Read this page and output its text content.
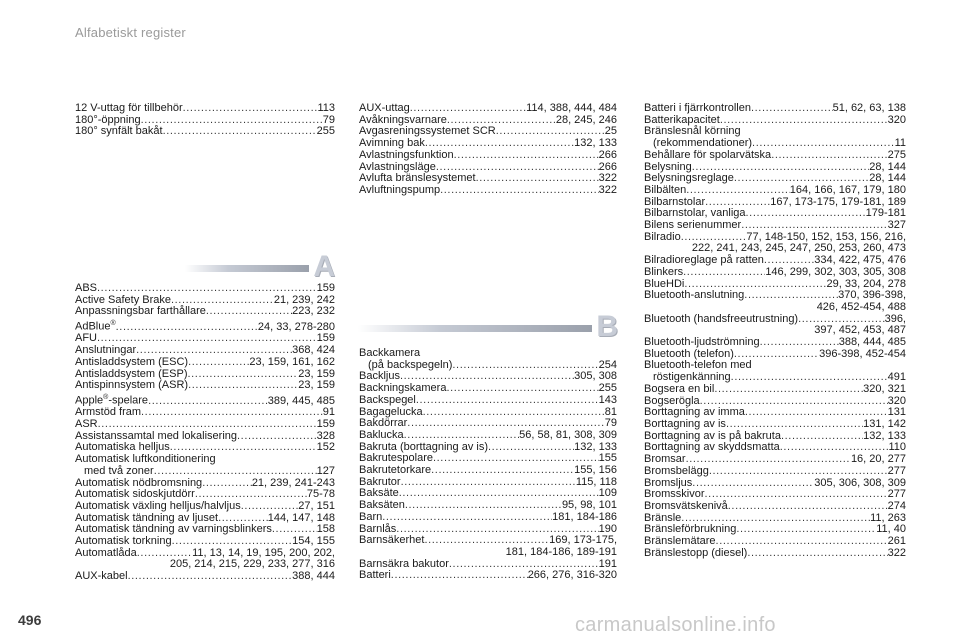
Alfabetiskt register
12 V-uttag för tillbehör .....	113
180°-öppning .....	79
180° synfält bakåt .....	255
A
ABS .....	159
Active Safety Brake .....	21, 239, 242
Anpassningsbar farthållare .....	223, 232
AdBlue® .....	24, 33, 278-280
AFU .....	159
Anslutningar .....	368, 424
Antisladdsystem (ESC) .....	23, 159, 161, 162
Antisladdsystem (ESP) .....	23, 159
Antispinnsystem (ASR) .....	23, 159
Apple®-spelare .....	389, 445, 485
Armstöd fram .....	91
ASR .....	159
Assistanssamtal med lokalisering .....	328
Automatiska helljus .....	152
Automatisk luftkonditionering
med två zoner .....	127
Automatisk nödbromsning .....	21, 239, 241-243
Automatisk sidoskjutdörr .....	75-78
Automatisk växling helljus/halvljus .....	27, 151
Automatisk tändning av ljuset .....	144, 147, 148
Automatisk tändning av varningsblinkers .....	158
Automatisk torkning .....	154, 155
Automatlåda .....	11, 13, 14, 19, 195, 200, 202,
205, 214, 215, 229, 233, 277, 316
AUX-kabel .....	388, 444
AUX-uttag .....	114, 388, 444, 484
Avåkningsvarnare .....	28, 245, 246
Avgasreningssystemet SCR .....	25
Avimning bak .....	132, 133
Avlastningsfunktion .....	266
Avlastningsläge .....	266
Avlufta bränslesystemet .....	322
Avluftningspump .....	322
B
Backkamera
(på backspegeln) .....	254
Backljus .....	305, 308
Backningskamera .....	255
Backspegel .....	143
Bagagelucka .....	81
Bakdörrar .....	79
Baklucka .....	56, 58, 81, 308, 309
Bakruta (borttagning av is) .....	132, 133
Bakrutespolare .....	155
Bakrutetorkare .....	155, 156
Bakrutor .....	115, 118
Baksäte .....	109
Baksäten .....	95, 98, 101
Barn .....	181, 184-186
Barnlås .....	190
Barnsäkerhet .....	169, 173-175,
181, 184-186, 189-191
Barnsäkra bakutor .....	191
Batteri .....	266, 276, 316-320
Batteri i fjärrkontrollen .....	51, 62, 63, 138
Batterikapacitet .....	320
Bränslesnål körning
(rekommendationer) .....	11
Behållare för spolarvätska .....	275
Belysning .....	28, 144
Belysningsreglage .....	28, 144
Bilbälten .....	164, 166, 167, 179, 180
Bilbarnstolar .....	167, 173-175, 179-181, 189
Bilbarnstolar, vanliga .....	179-181
Bilens serienummer .....	327
Bilradio .....	77, 148-150, 152, 153, 156, 216,
222, 241, 243, 245, 247, 250, 253, 260, 473
Bilradioreglage på ratten .....	334, 422, 475, 476
Blinkers .....	146, 299, 302, 303, 305, 308
BlueHDi .....	29, 33, 204, 278
Bluetooth-anslutning .....	370, 396-398,
426, 452-454, 488
Bluetooth (handsfreeutrustning) .....	396,
397, 452, 453, 487
Bluetooth-ljudströmning .....	388, 444, 485
Bluetooth (telefon) .....	396-398, 452-454
Bluetooth-telefon med
röstigenkänning .....	491
Bogsera en bil .....	320, 321
Bogseröglа .....	320
Borttagning av imma .....	131
Borttagning av is .....	131, 142
Borttagning av is på bakruta .....	132, 133
Borttagning av skyddsmatta .....	110
Bromsar .....	16, 20, 277
Bromsbelägg .....	277
Bromsljus .....	305, 306, 308, 309
Bromsskivor .....	277
Bromsvätskenivå .....	274
Bränsle .....	11, 263
Bränsleförbrukning .....	11, 40
Bränslemätare .....	261
Bränslestopp (diesel) .....	322
496	carmanualsonline.info
